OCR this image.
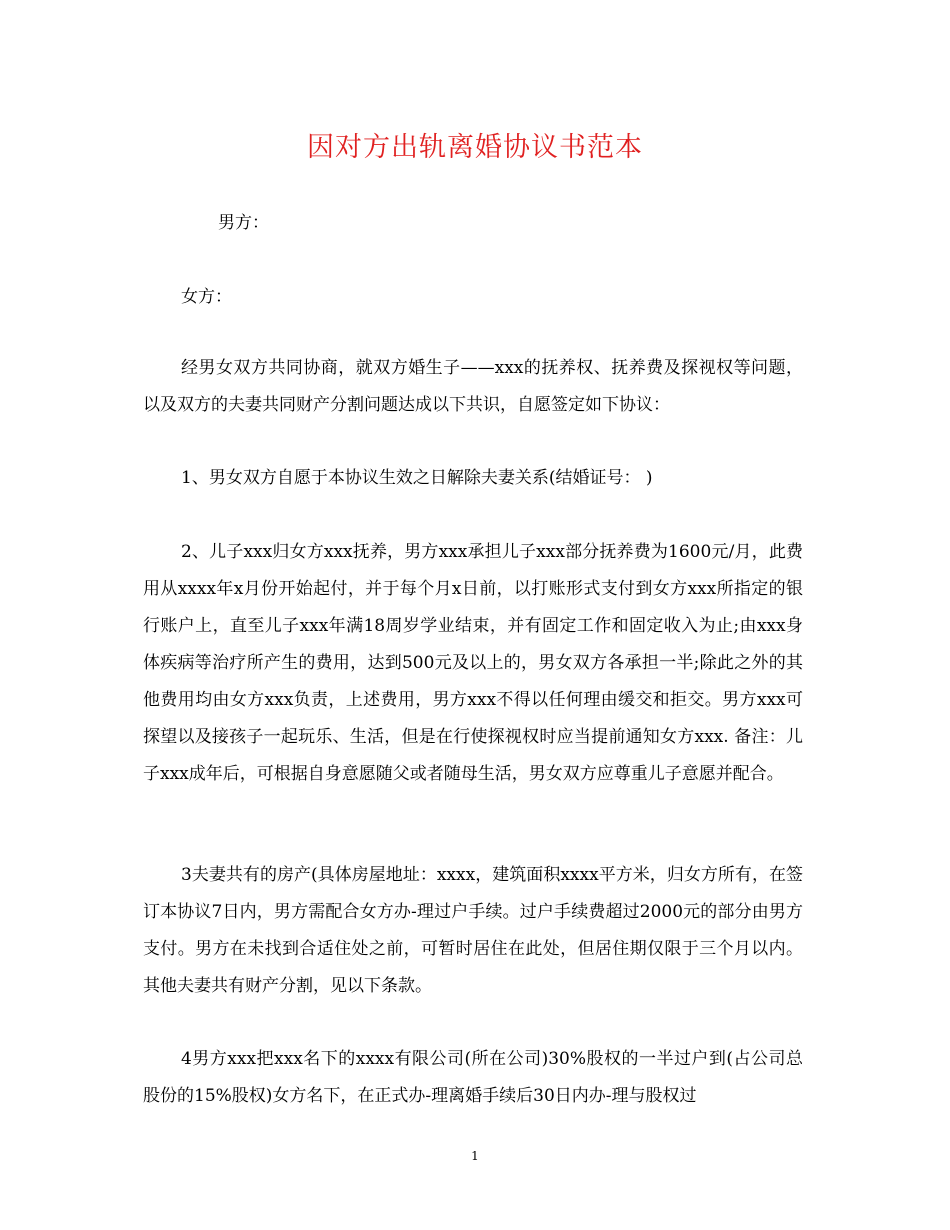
因对方出轨离婚协议书范本
男方：
女方：

经男女双方共同协商，就双方婚生子——xxx的抚养权、抚养费及探视权等问题，以及双方的夫妻共同财产分割问题达成以下共识，自愿签定如下协议：

1、男女双方自愿于本协议生效之日解除夫妻关系(结婚证号： )

2、儿子xxx归女方xxx抚养，男方xxx承担儿子xxx部分抚养费为1600元/月，此费用从xxxx年x月份开始起付，并于每个月x日前，以打账形式支付到女方xxx所指定的银行账户上，直至儿子xxx年满18周岁学业结束，并有固定工作和固定收入为止;由xxx身体疾病等治疗所产生的费用，达到500元及以上的，男女双方各承担一半;除此之外的其他费用均由女方xxx负责，上述费用，男方xxx不得以任何理由缓交和拒交。男方xxx可探望以及接孩子一起玩乐、生活，但是在行使探视权时应当提前通知女方xxx. 备注：儿子xxx成年后，可根据自身意愿随父或者随母生活，男女双方应尊重儿子意愿并配合。

3夫妻共有的房产(具体房屋地址：xxxx，建筑面积xxxx平方米，归女方所有，在签订本协议7日内，男方需配合女方办-理过户手续。过户手续费超过2000元的部分由男方支付。男方在未找到合适住处之前，可暂时居住在此处，但居住期仅限于三个月以内。其他夫妻共有财产分割，见以下条款。

4男方xxx把xxx名下的xxxx有限公司(所在公司)30%股权的一半过户到(占公司总股份的15%股权)女方名下，在正式办-理离婚手续后30日内办-理与股权过

1
